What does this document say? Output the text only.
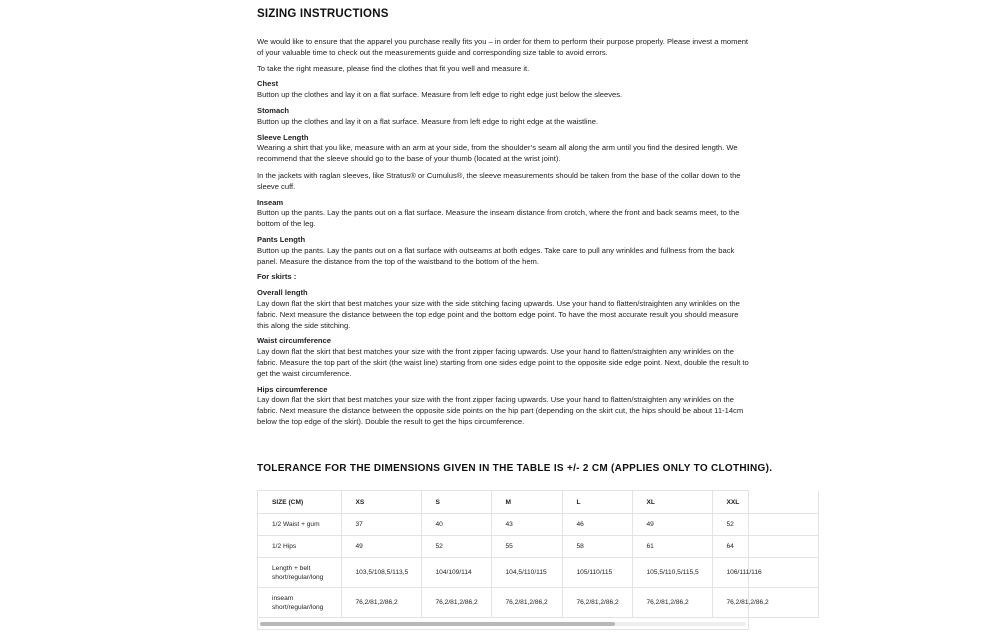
SIZING INSTRUCTIONS

We would like to ensure that the apparel you purchase really fits you – in order for them to perform their purpose properly. Please invest a moment of your valuable time to check out the measurements guide and corresponding size table to avoid errors.

To take the right measure, please find the clothes that fit you well and measure it.

Chest
Button up the clothes and lay it on a flat surface. Measure from left edge to right edge just below the sleeves.
Stomach
Button up the clothes and lay it on a flat surface. Measure from left edge to right edge at the waistline.
Sleeve Length
Wearing a shirt that you like, measure with an arm at your side, from the shoulder’s seam all along the arm until you find the desired length. We recommend that the sleeve should go to the base of your thumb (located at the wrist joint).
In the jackets with raglan sleeves, like Stratus® or Cumulus®, the sleeve measurements should be taken from the base of the collar down to the sleeve cuff.
Inseam
Button up the pants. Lay the pants out on a flat surface. Measure the inseam distance from crotch, where the front and back seams meet, to the bottom of the leg.
Pants Length
Button up the pants. Lay the pants out on a flat surface with outseams at both edges. Take care to pull any wrinkles and fullness from the back panel. Measure the distance from the top of the waistband to the bottom of the hem.
For skirts :
Overall length
Lay down flat the skirt that best matches your size with the side stitching facing upwards. Use your hand to flatten/straighten any wrinkles on the fabric. Next measure the distance between the top edge point and the bottom edge point. To have the most accurate result you should measure this along the side stitching.
Waist circumference
Lay down flat the skirt that best matches your size with the front zipper facing upwards. Use your hand to flatten/straighten any wrinkles on the fabric. Measure the top part of the skirt (the waist line) starting from one sides edge point to the opposite side edge point. Next, double the result to get the waist circumference.
Hips circumference
Lay down flat the skirt that best matches your size with the front zipper facing upwards. Use your hand to flatten/straighten any wrinkles on the fabric. Next measure the distance between the opposite side points on the hip part (depending on the skirt cut, the hips should be about 11-14cm below the top edge of the skirt). Double the result to get the hips circumference.
TOLERANCE FOR THE DIMENSIONS GIVEN IN THE TABLE IS +/- 2 CM (APPLIES ONLY TO CLOTHING).
SIZE (CM)	XS	S	M	L	XL	XXL
1/2 Waist + gum	37	40	43	46	49	52
1/2 Hips	49	52	55	58	61	64
Length + belt
short/regular/long	103,5/108,5/113,5	104/109/114	104,5/110/115	105/110/115	105,5/110,5/115,5	106/111/116
inseam
short/regular/long	76,2/81,2/86,2	76,2/81,2/86,2	76,2/81,2/86,2	76,2/81,2/86,2	76,2/81,2/86,2	76,2/81,2/86,2
